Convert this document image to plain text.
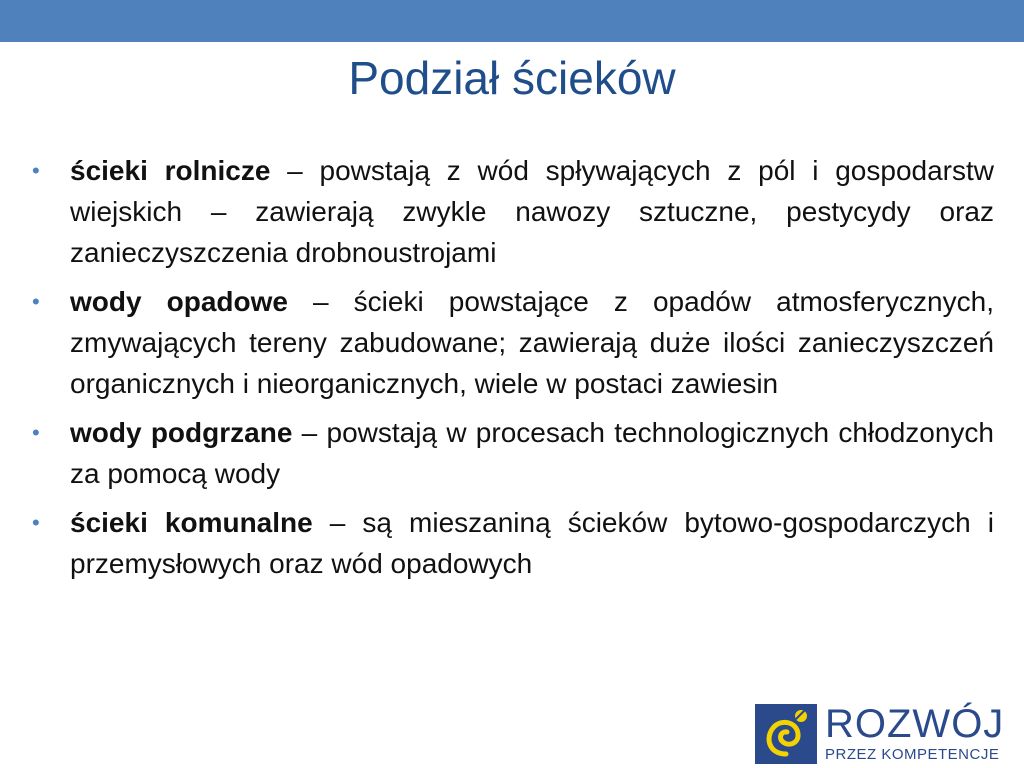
Podział ścieków
• ścieki rolnicze – powstają z wód spływających z pól i gospodarstw wiejskich – zawierają zwykle nawozy sztuczne, pestycydy oraz zanieczyszczenia drobnoustrojami
• wody opadowe – ścieki powstające z opadów atmosferycznych, zmywających tereny zabudowane; zawierają duże ilości zanieczyszczeń organicznych i nieorganicznych, wiele w postaci zawiesin
• wody podgrzane – powstają w procesach technologicznych chłodzonych za pomocą wody
• ścieki komunalne – są mieszaniną ścieków bytowo-gospodarczych i przemysłowych oraz wód opadowych
ROZWÓJ
PRZEZ KOMPETENCJE
